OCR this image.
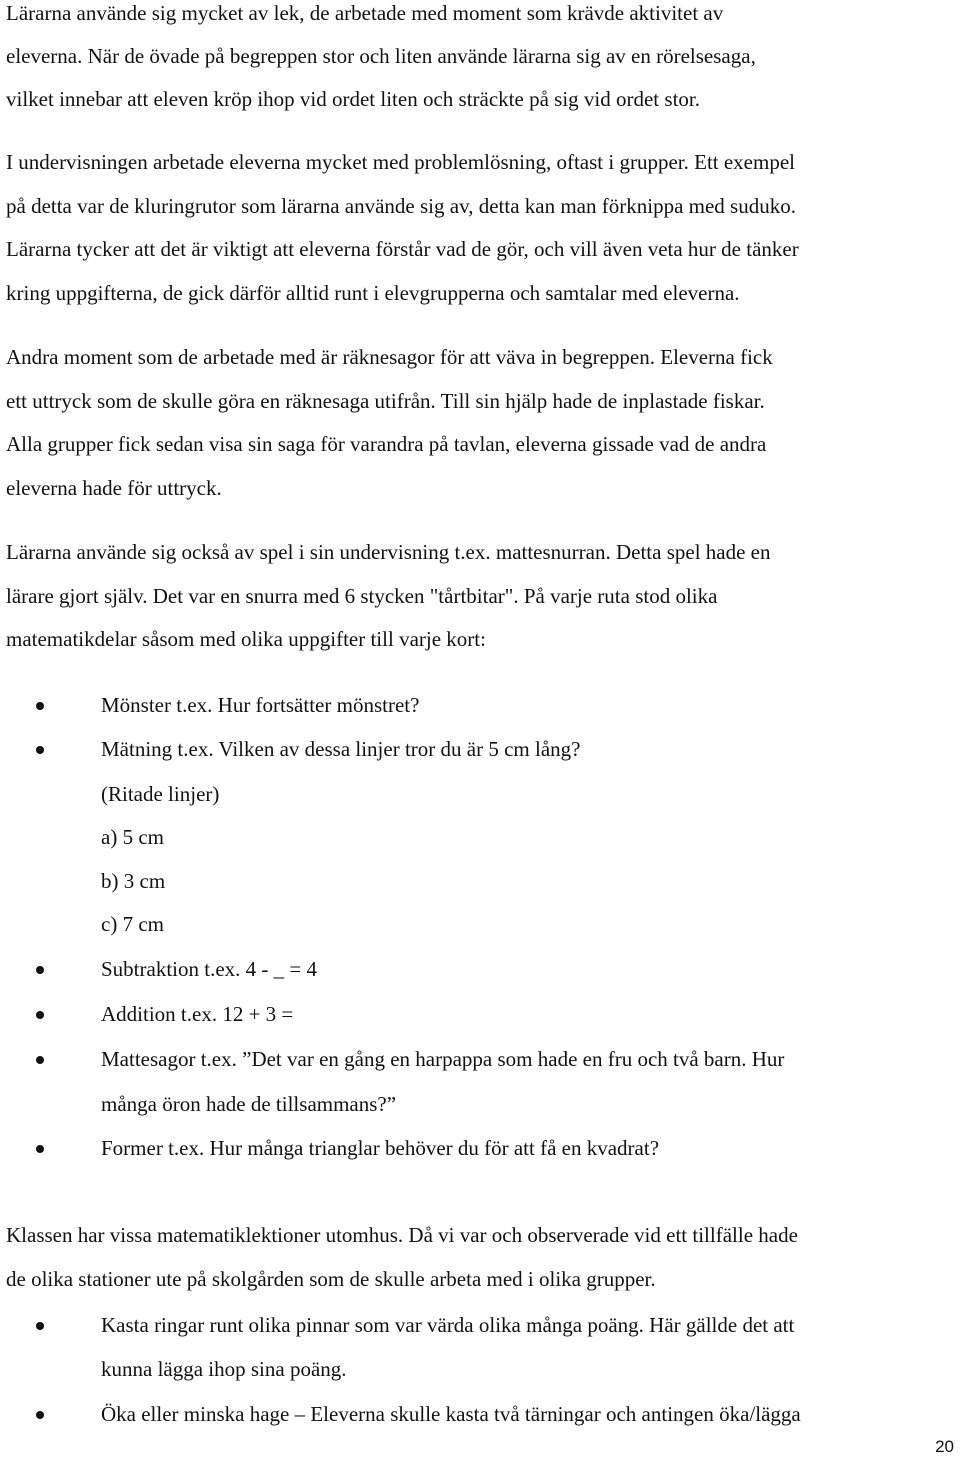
Lärarna använde sig mycket av lek, de arbetade med moment som krävde aktivitet av
eleverna. När de övade på begreppen stor och liten använde lärarna sig av en rörelsesaga,
vilket innebar att eleven kröp ihop vid ordet liten och sträckte på sig vid ordet stor.
I undervisningen arbetade eleverna mycket med problemlösning, oftast i grupper. Ett exempel
på detta var de kluringrutor som lärarna använde sig av, detta kan man förknippa med suduko.
Lärarna tycker att det är viktigt att eleverna förstår vad de gör, och vill även veta hur de tänker
kring uppgifterna, de gick därför alltid runt i elevgrupperna och samtalar med eleverna.
Andra moment som de arbetade med är räknesagor för att väva in begreppen. Eleverna fick
ett uttryck som de skulle göra en räknesaga utifrån. Till sin hjälp hade de inplastade fiskar.
Alla grupper fick sedan visa sin saga för varandra på tavlan, eleverna gissade vad de andra
eleverna hade för uttryck.
Lärarna använde sig också av spel i sin undervisning t.ex. mattesnurran. Detta spel hade en
lärare gjort själv. Det var en snurra med 6 stycken "tårtbitar". På varje ruta stod olika
matematikdelar såsom med olika uppgifter till varje kort:
Mönster t.ex. Hur fortsätter mönstret?
Mätning t.ex. Vilken av dessa linjer tror du är 5 cm lång?
(Ritade linjer)
a) 5 cm
b) 3 cm
c) 7 cm
Subtraktion t.ex. 4 - _ = 4
Addition t.ex. 12 + 3 =
Mattesagor t.ex. ”Det var en gång en harpappa som hade en fru och två barn. Hur
många öron hade de tillsammans?”
Former t.ex. Hur många trianglar behöver du för att få en kvadrat?
Klassen har vissa matematiklektioner utomhus. Då vi var och observerade vid ett tillfälle hade
de olika stationer ute på skolgården som de skulle arbeta med i olika grupper.
Kasta ringar runt olika pinnar som var värda olika många poäng. Här gällde det att
kunna lägga ihop sina poäng.
Öka eller minska hage – Eleverna skulle kasta två tärningar och antingen öka/lägga
20
